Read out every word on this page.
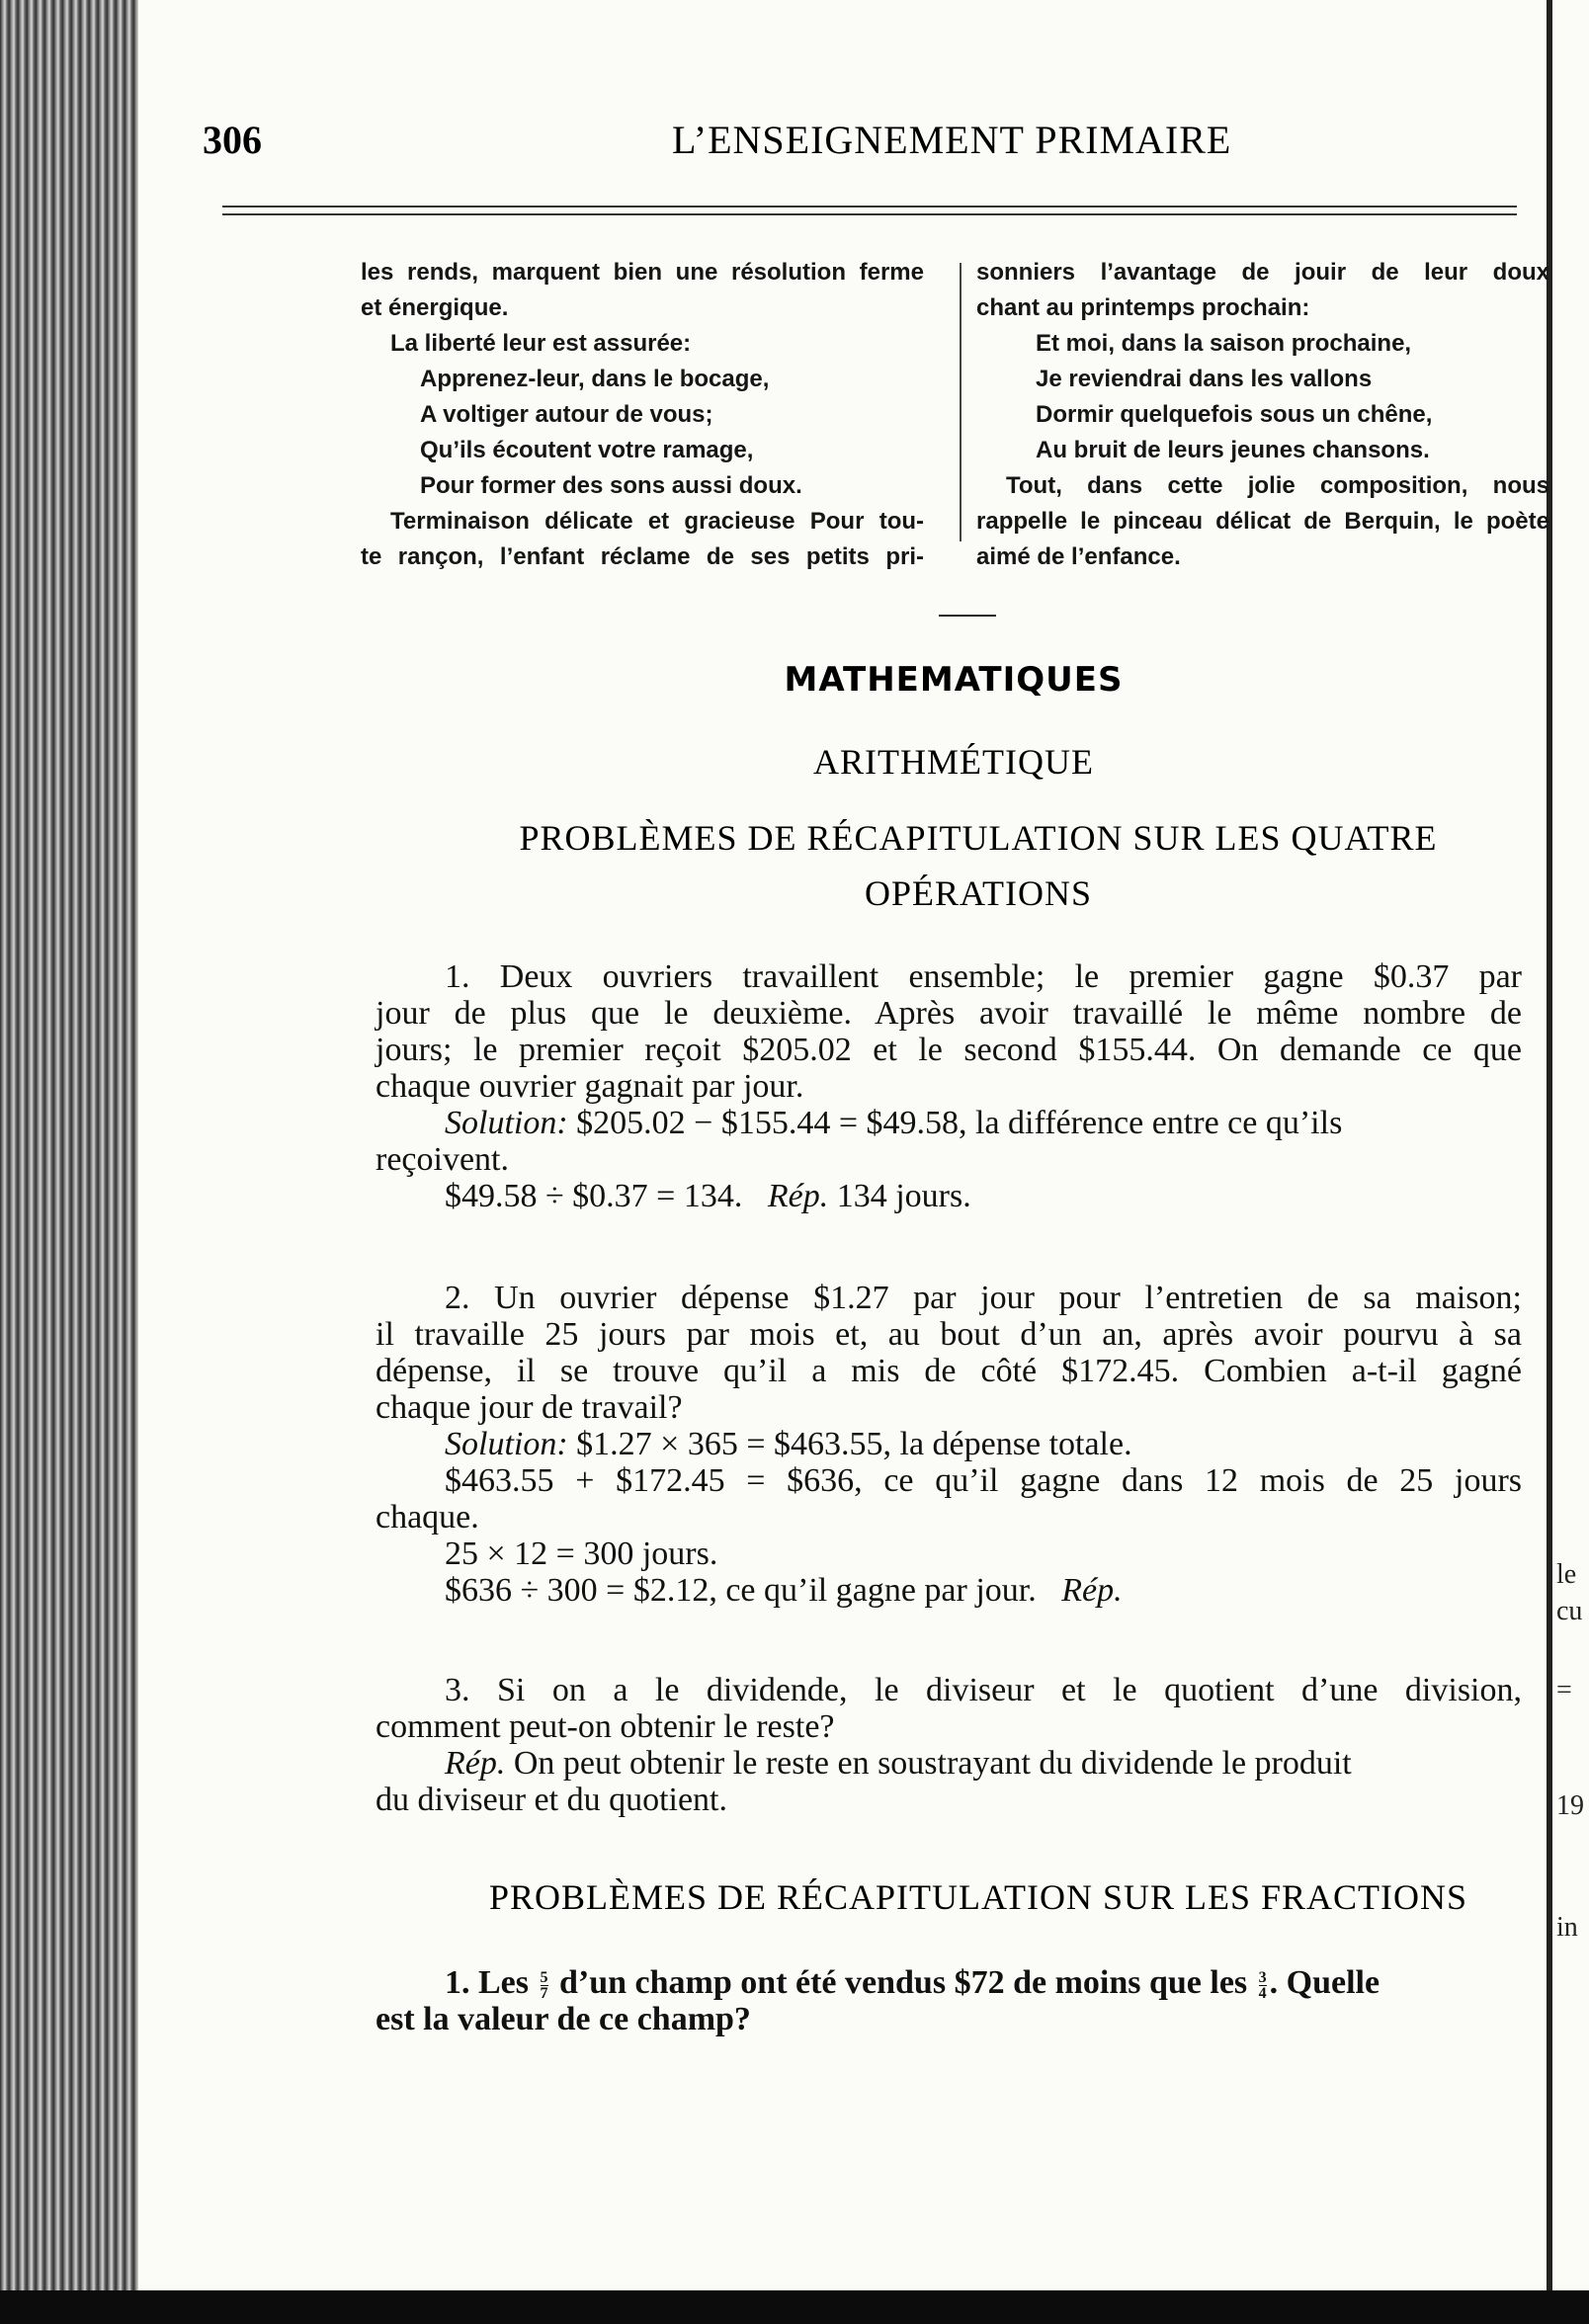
le
cu
=
19
in
306	L’ENSEIGNEMENT PRIMAIRE

les rends, marquent bien une résolution ferme

et énergique.

La liberté leur est assurée:

Apprenez-leur, dans le bocage,

A voltiger autour de vous;

Qu’ils écoutent votre ramage,

Pour former des sons aussi doux.

Terminaison délicate et gracieuse Pour tou-

te rançon, l’enfant réclame de ses petits pri-

sonniers l’avantage de jouir de leur doux

chant au printemps prochain:

Et moi, dans la saison prochaine,

Je reviendrai dans les vallons

Dormir quelquefois sous un chêne,

Au bruit de leurs jeunes chansons.

Tout, dans cette jolie composition, nous

rappelle le pinceau délicat de Berquin, le poète

aimé de l’enfance.

MATHEMATIQUES
ARITHMÉTIQUE
PROBLÈMES DE RÉCAPITULATION SUR LES QUATRE
OPÉRATIONS

1. Deux ouvriers travaillent ensemble; le premier gagne $0.37 par

jour de plus que le deuxième. Après avoir travaillé le même nombre de

jours; le premier reçoit $205.02 et le second $155.44. On demande ce que

chaque ouvrier gagnait par jour.

Solution: $205.02 − $155.44 = $49.58, la différence entre ce qu’ils

reçoivent.

$49.58 ÷ $0.37 = 134. Rép. 134 jours.

2. Un ouvrier dépense $1.27 par jour pour l’entretien de sa maison;

il travaille 25 jours par mois et, au bout d’un an, après avoir pourvu à sa

dépense, il se trouve qu’il a mis de côté $172.45. Combien a-t-il gagné

chaque jour de travail?

Solution: $1.27 × 365 = $463.55, la dépense totale.

$463.55 + $172.45 = $636, ce qu’il gagne dans 12 mois de 25 jours

chaque.

25 × 12 = 300 jours.

$636 ÷ 300 = $2.12, ce qu’il gagne par jour. Rép.

3. Si on a le dividende, le diviseur et le quotient d’une division,

comment peut-on obtenir le reste?

Rép. On peut obtenir le reste en soustrayant du dividende le produit

du diviseur et du quotient.

PROBLÈMES DE RÉCAPITULATION SUR LES FRACTIONS

1. Les $\frac{5}{7}$ d’un champ ont été vendus $72 de moins que les $\frac{3}{4}$ . Quelle

est la valeur de ce champ?
